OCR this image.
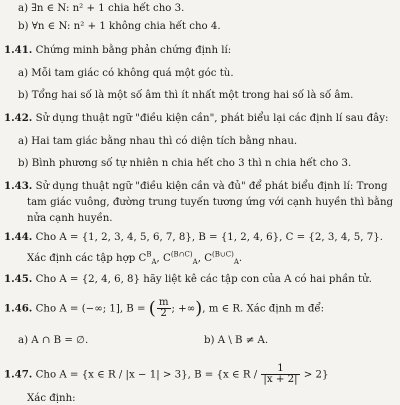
a) ∃n ∈ N: n² + 1 chia hết cho 3.
b) ∀n ∈ N: n² + 1 không chia hết cho 4.
1.41. Chứng minh bằng phản chứng định lí:
a) Mỗi tam giác có không quá một góc tù.
b) Tổng hai số là một số âm thì ít nhất một trong hai số là số âm.
1.42. Sử dụng thuật ngữ "điều kiện cần", phát biểu lại các định lí sau đây:
a) Hai tam giác bằng nhau thì có diện tích bằng nhau.
b) Bình phương số tự nhiên n chia hết cho 3 thì n chia hết cho 3.
1.43. Sử dụng thuật ngữ "điều kiện cần và đủ" để phát biểu định lí: Trong
tam giác vuông, đường trung tuyến tương ứng với cạnh huyền thì bằng
nửa cạnh huyền.
1.44. Cho A = {1, 2, 3, 4, 5, 6, 7, 8}, B = {1, 2, 4, 6}, C = {2, 3, 4, 5, 7}.
Xác định các tập hợp $C^B_A$, $C^{(B\cap C)}_A$, $C^{(B\cup C)}_A$.
1.45. Cho A = {2, 4, 6, 8} hãy liệt kê các tập con của A có hai phần tử.
1.46. Cho A = (−∞; 1], B = ( $\frac{m}{2}$ ; +∞), m ∈ R. Xác định m để:
a) A ∩ B = ∅.	b) A \ B ≠ A.
1.47. Cho A = {x ∈ R / |x − 1| > 3}, B = {x ∈ $R / \frac{1}{|x + 2|} > 2$}
Xác định:
